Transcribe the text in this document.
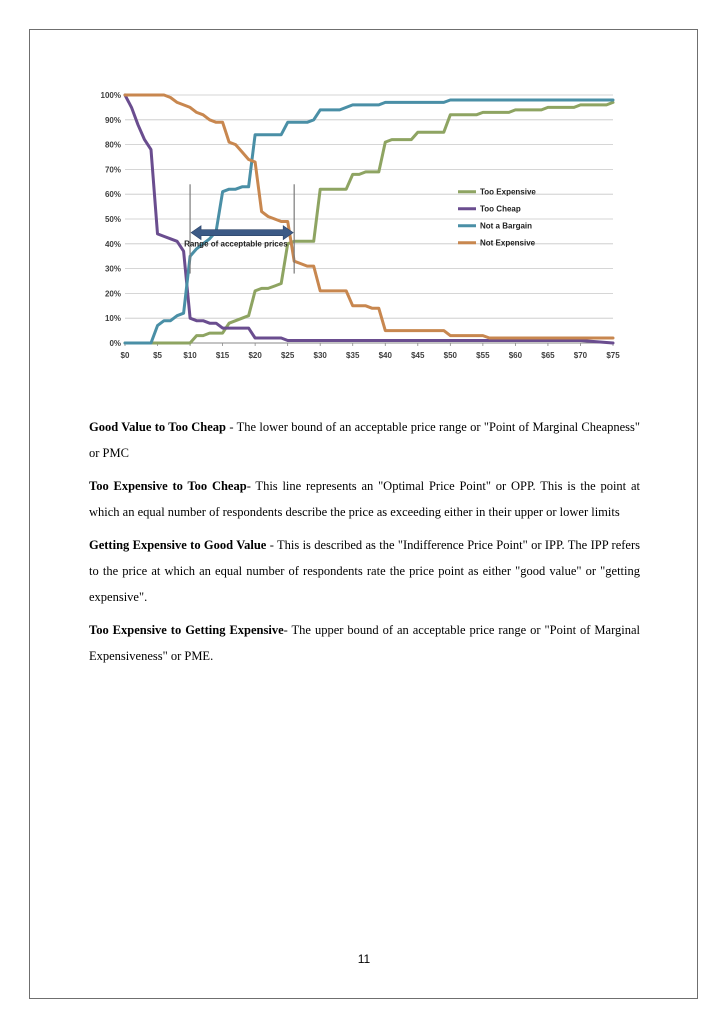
0%
10%
20%
30%
40%
50%
60%
70%
80%
90%
100%
$0	$5	$10 $15 $20 $25 $30 $35 $40 $45 $50 $55 $60 $65 $70 $75
Range of acceptable prices
Too Expensive
Too Cheap
Not a Bargain
Not Expensive

Good Value to Too Cheap - The lower bound of an acceptable price range or "Point of Marginal Cheapness" or PMC

Too Expensive to Too Cheap- This line represents an "Optimal Price Point" or OPP. This is the point at which an equal number of respondents describe the price as exceeding either in their upper or lower limits

Getting Expensive to Good Value - This is described as the "Indifference Price Point" or IPP. The IPP refers to the price at which an equal number of respondents rate the price point as either "good value" or "getting expensive".

Too Expensive to Getting Expensive- The upper bound of an acceptable price range or "Point of Marginal Expensiveness" or PME.

11
